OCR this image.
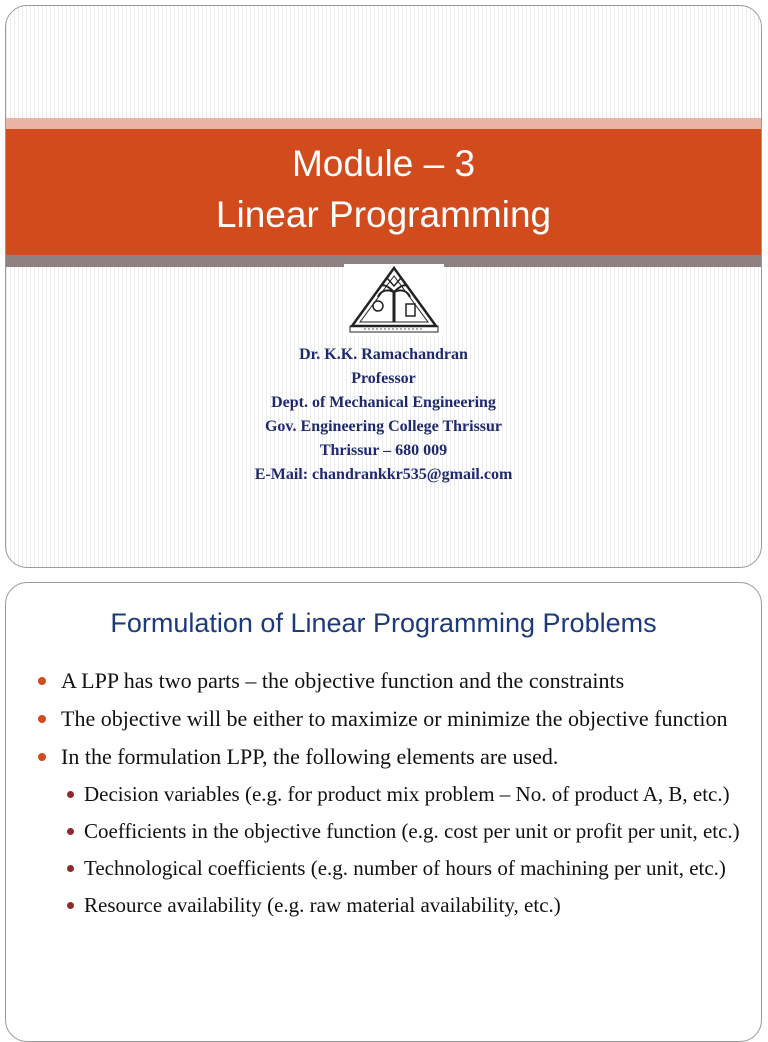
Module – 3
Linear Programming
Dr. K.K. Ramachandran
Professor
Dept. of Mechanical Engineering
Gov. Engineering College Thrissur
Thrissur – 680 009
E-Mail: chandrankkr535@gmail.com
Formulation of Linear Programming Problems
A LPP has two parts – the objective function and the constraints
The objective will be either to maximize or minimize the objective function
In the formulation LPP, the following elements are used.
Decision variables (e.g. for product mix problem – No. of product A, B, etc.)
Coefficients in the objective function (e.g. cost per unit or profit per unit, etc.)
Technological coefficients (e.g. number of hours of machining per unit, etc.)
Resource availability (e.g. raw material availability, etc.)
